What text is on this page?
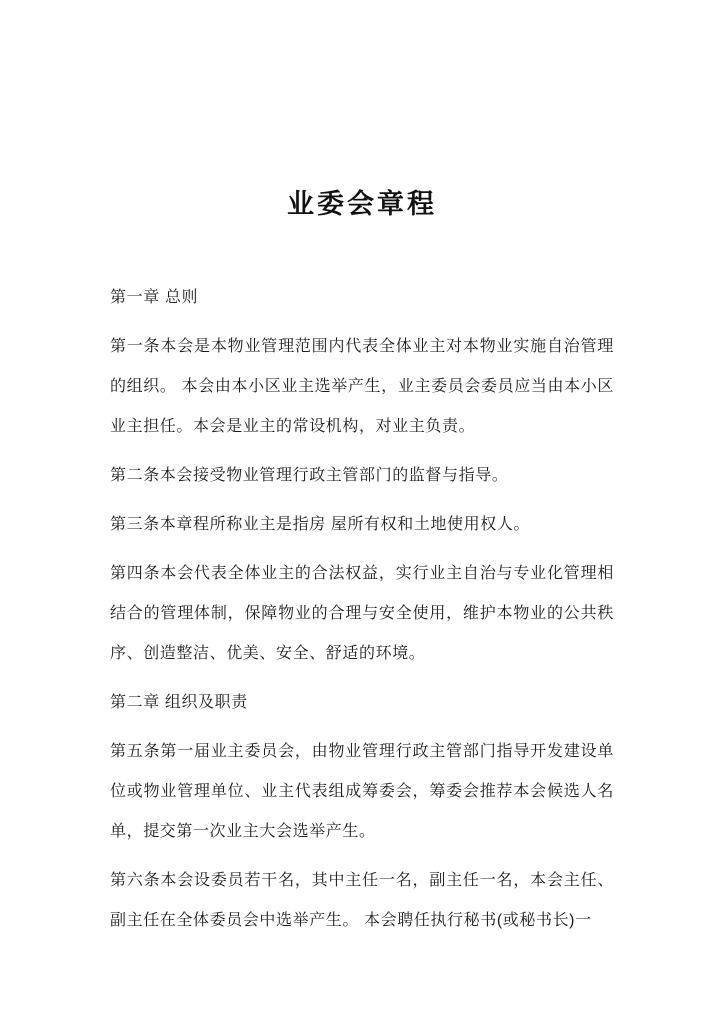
业委会章程

第一章 总则

第一条本会是本物业管理范围内代表全体业主对本物业实施自治管理的组织。 本会由本小区业主选举产生，业主委员会委员应当由本小区业主担任。本会是业主的常设机构，对业主负责。

第二条本会接受物业管理行政主管部门的监督与指导。

第三条本章程所称业主是指房 屋所有权和土地使用权人。

第四条本会代表全体业主的合法权益，实行业主自治与专业化管理相结合的管理体制，保障物业的合理与安全使用，维护本物业的公共秩序、创造整洁、优美、安全、舒适的环境。

第二章 组织及职责

第五条第一届业主委员会，由物业管理行政主管部门指导开发建设单位或物业管理单位、业主代表组成筹委会，筹委会推荐本会候选人名单，提交第一次业主大会选举产生。

第六条本会设委员若干名，其中主任一名，副主任一名，本会主任、副主任在全体委员会中选举产生。 本会聘任执行秘书(或秘书长)一
